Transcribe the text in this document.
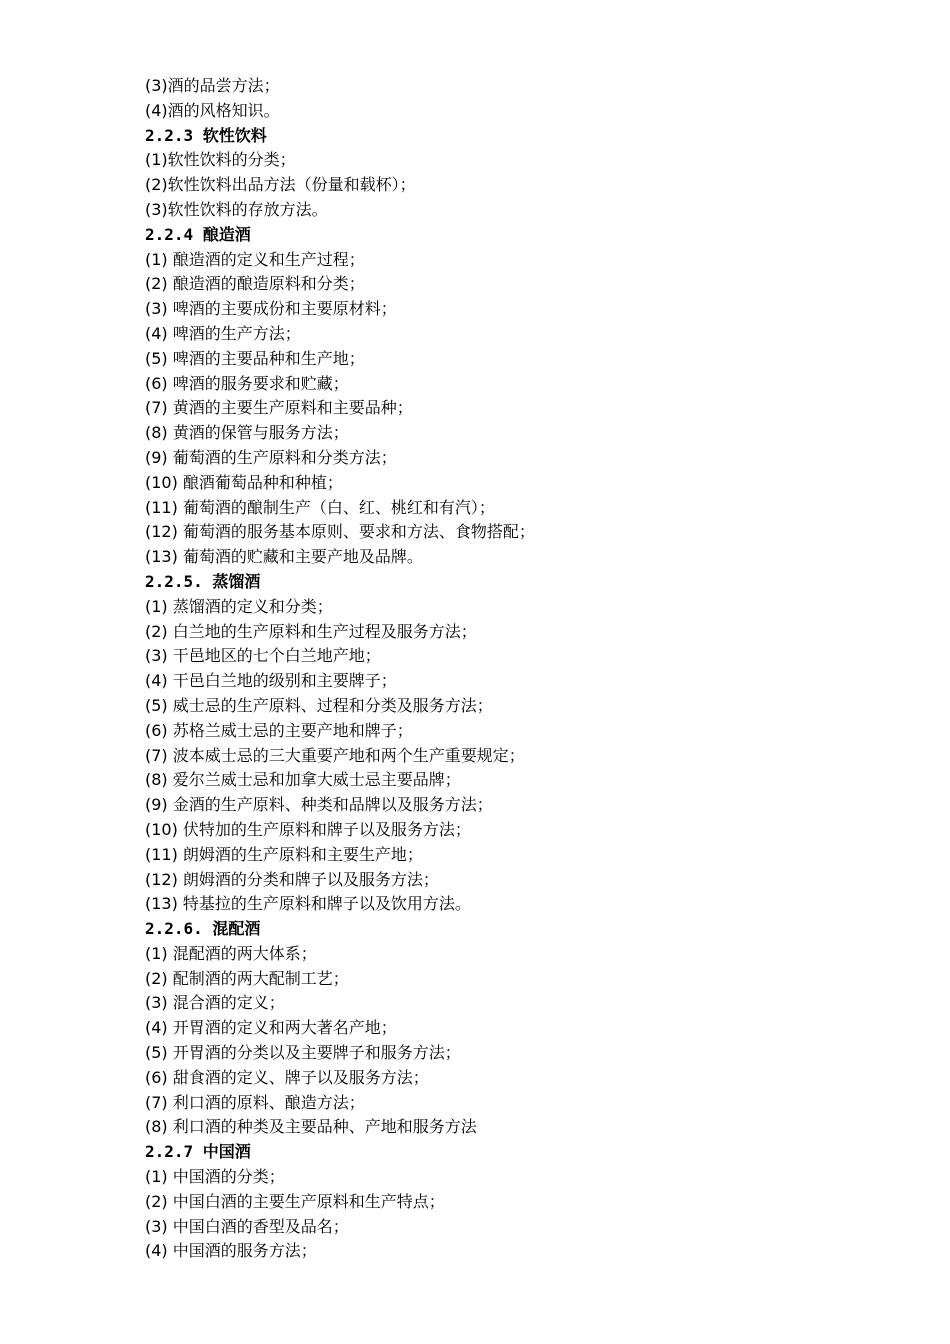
(3)酒的品尝方法；
(4)酒的风格知识。
2.2.3 软性饮料
(1)软性饮料的分类；
(2)软性饮料出品方法（份量和载杯）；
(3)软性饮料的存放方法。
2.2.4 酿造酒
(1) 酿造酒的定义和生产过程；
(2) 酿造酒的酿造原料和分类；
(3) 啤酒的主要成份和主要原材料；
(4) 啤酒的生产方法；
(5) 啤酒的主要品种和生产地；
(6) 啤酒的服务要求和贮藏；
(7) 黄酒的主要生产原料和主要品种；
(8) 黄酒的保管与服务方法；
(9) 葡萄酒的生产原料和分类方法；
(10) 酿酒葡萄品种和种植；
(11) 葡萄酒的酿制生产（白、红、桃红和有汽）；
(12) 葡萄酒的服务基本原则、要求和方法、食物搭配；
(13) 葡萄酒的贮藏和主要产地及品牌。
2.2.5. 蒸馏酒
(1) 蒸馏酒的定义和分类；
(2) 白兰地的生产原料和生产过程及服务方法；
(3) 干邑地区的七个白兰地产地；
(4) 干邑白兰地的级别和主要牌子；
(5) 威士忌的生产原料、过程和分类及服务方法；
(6) 苏格兰威士忌的主要产地和牌子；
(7) 波本威士忌的三大重要产地和两个生产重要规定；
(8) 爱尔兰威士忌和加拿大威士忌主要品牌；
(9) 金酒的生产原料、种类和品牌以及服务方法；
(10) 伏特加的生产原料和牌子以及服务方法；
(11) 朗姆酒的生产原料和主要生产地；
(12) 朗姆酒的分类和牌子以及服务方法；
(13) 特基拉的生产原料和牌子以及饮用方法。
2.2.6. 混配酒
(1) 混配酒的两大体系；
(2) 配制酒的两大配制工艺；
(3) 混合酒的定义；
(4) 开胃酒的定义和两大著名产地；
(5) 开胃酒的分类以及主要牌子和服务方法；
(6) 甜食酒的定义、牌子以及服务方法；
(7) 利口酒的原料、酿造方法；
(8) 利口酒的种类及主要品种、产地和服务方法
2.2.7 中国酒
(1) 中国酒的分类；
(2) 中国白酒的主要生产原料和生产特点；
(3) 中国白酒的香型及品名；
(4) 中国酒的服务方法；
